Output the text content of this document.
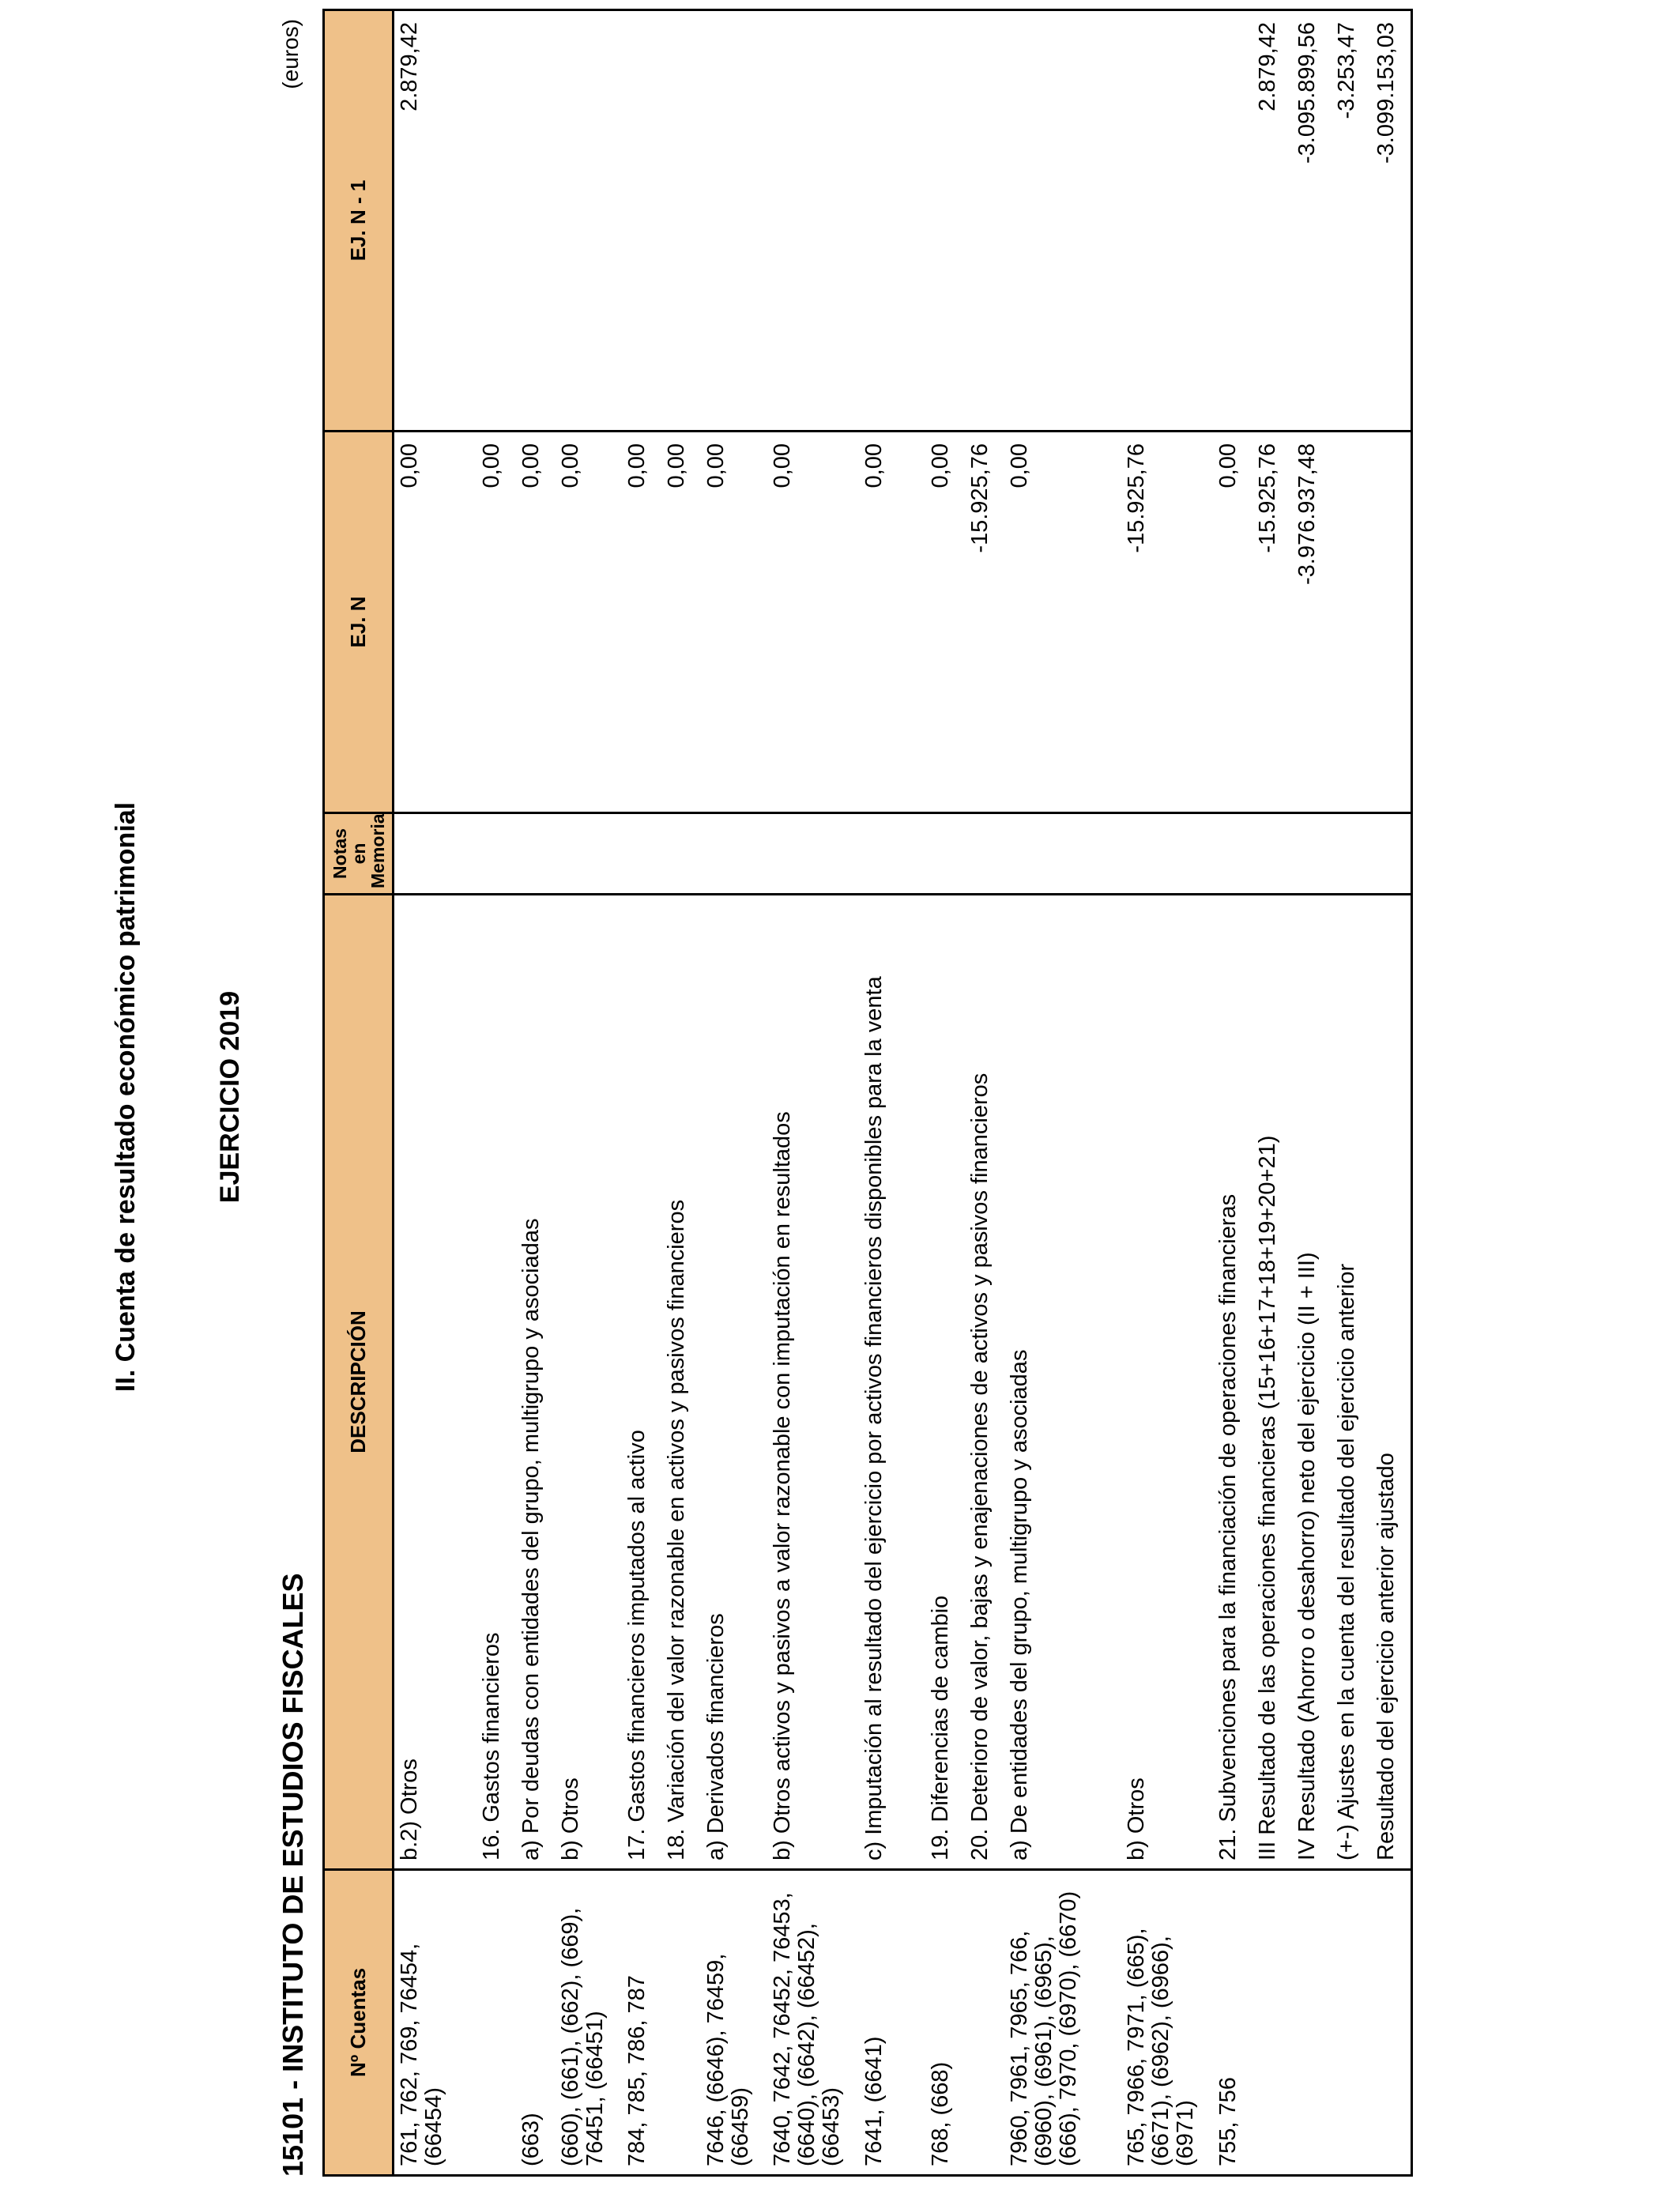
II. Cuenta de resultado económico patrimonial	EJERCICIO 2019
15101 - INSTITUTO DE ESTUDIOS FISCALES
(euros)
Nº Cuentas	DESCRIPCIÓN	Notas en Memoria	EJ. N	EJ. N - 1
761, 762, 769, 76454, (66454)	b.2) Otros		0,00	2.879,42

	16. Gastos financieros		0,00	
(663)	a) Por deudas con entidades del grupo, multigrupo y asociadas		0,00	
(660), (661), (662), (669), 76451, (66451)	b) Otros		0,00	
784, 785, 786, 787	17. Gastos financieros imputados al activo		0,00	
	18. Variación del valor razonable en activos y pasivos financieros		0,00	
7646, (6646), 76459, (66459)	a) Derivados financieros		0,00	
7640, 7642, 76452, 76453, (6640), (6642), (66452), (66453)	b) Otros activos y pasivos a valor razonable con imputación en resultados		0,00	
7641, (6641)	c) Imputación al resultado del ejercicio por activos financieros disponibles para la venta		0,00	
768, (668)	19. Diferencias de cambio		0,00	
	20. Deterioro de valor, bajas y enajenaciones de activos y pasivos financieros		-15.925,76	
7960, 7961, 7965, 766, (6960), (6961), (6965), (666), 7970, (6970), (6670)	a) De entidades del grupo, multigrupo y asociadas		0,00	
765, 7966, 7971, (665), (6671), (6962), (6966), (6971)	b) Otros		-15.925,76	
755, 756	21. Subvenciones para la financiación de operaciones financieras		0,00	
	III Resultado de las operaciones financieras (15+16+17+18+19+20+21)		-15.925,76	2.879,42
	IV Resultado (Ahorro o desahorro) neto del ejercicio (II + III)		-3.976.937,48	-3.095.899,56
	(+-) Ajustes en la cuenta del resultado del ejercicio anterior			-3.253,47
	Resultado del ejercicio anterior ajustado			-3.099.153,03
